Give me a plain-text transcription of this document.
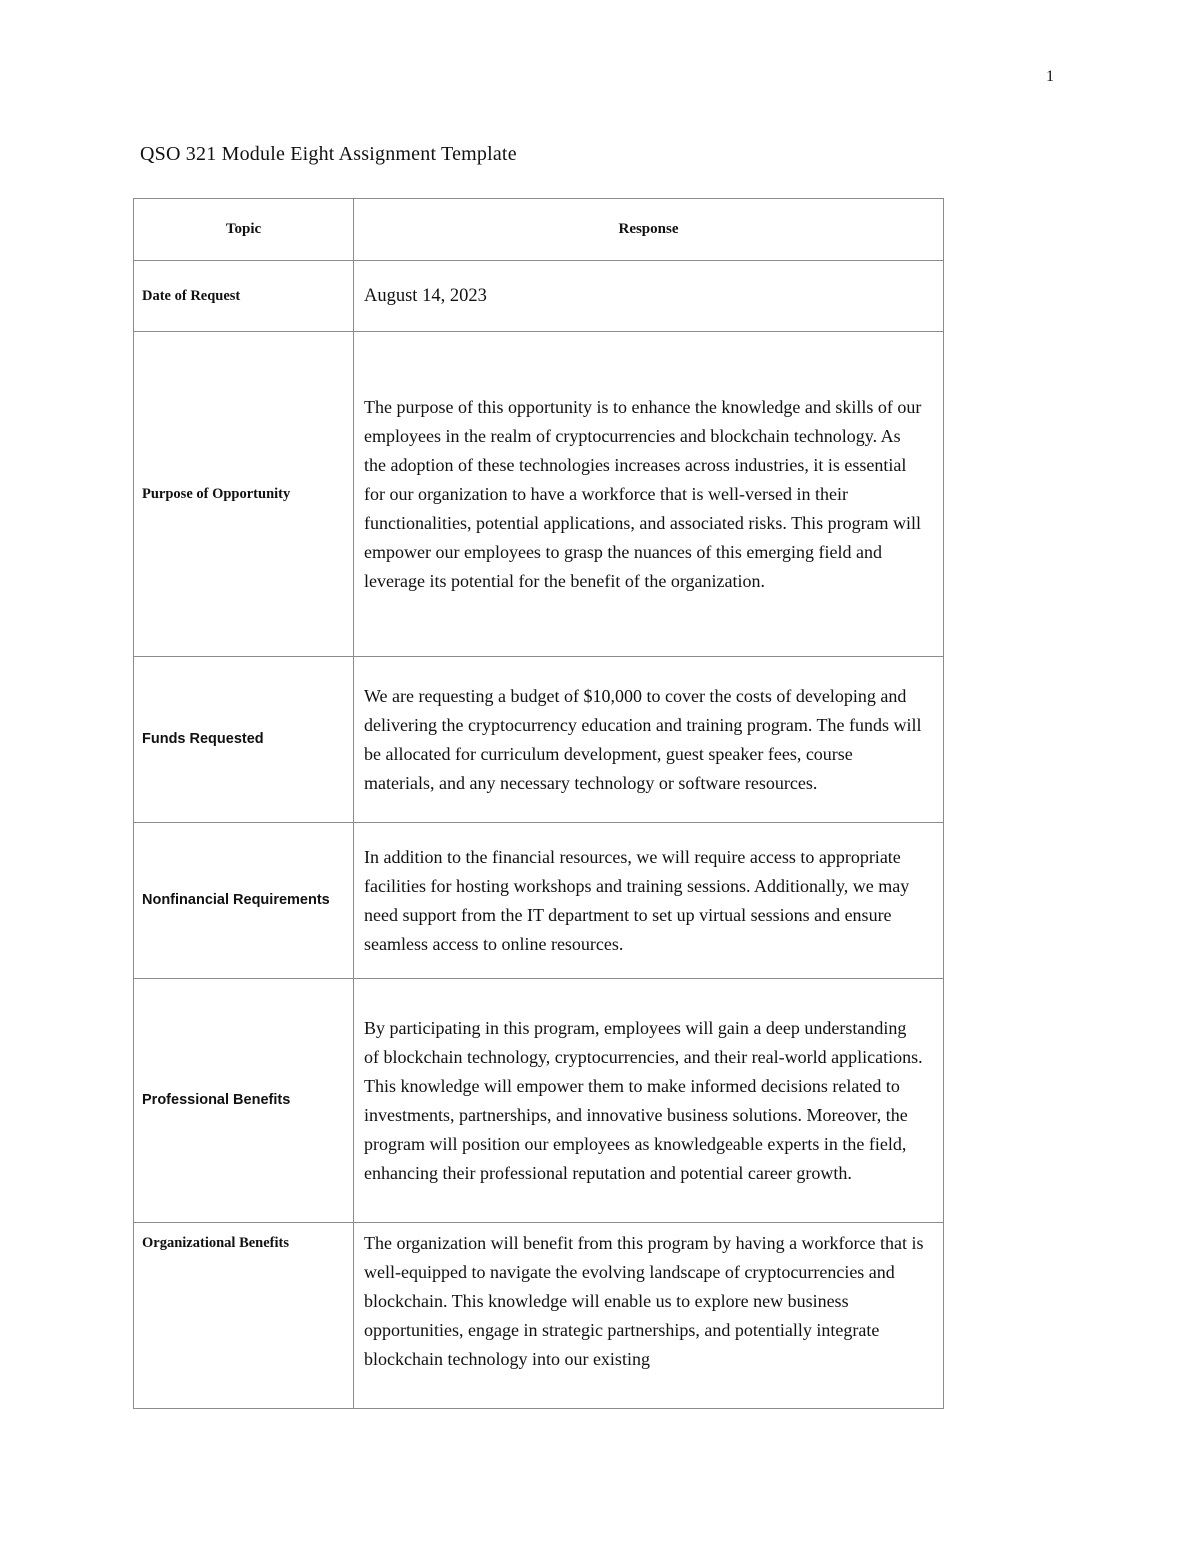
1
QSO 321 Module Eight Assignment Template
Topic	Response
Date of Request	August 14, 2023
Purpose of Opportunity	The purpose of this opportunity is to enhance the knowledge and skills of our employees in the realm of cryptocurrencies and blockchain technology. As the adoption of these technologies increases across industries, it is essential for our organization to have a workforce that is well-versed in their functionalities, potential applications, and associated risks. This program will empower our employees to grasp the nuances of this emerging field and leverage its potential for the benefit of the organization.
Funds Requested	We are requesting a budget of $10,000 to cover the costs of developing and delivering the cryptocurrency education and training program. The funds will be allocated for curriculum development, guest speaker fees, course materials, and any necessary technology or software resources.
Nonfinancial Requirements	In addition to the financial resources, we will require access to appropriate facilities for hosting workshops and training sessions. Additionally, we may need support from the IT department to set up virtual sessions and ensure seamless access to online resources.
Professional Benefits	By participating in this program, employees will gain a deep understanding of blockchain technology, cryptocurrencies, and their real-world applications. This knowledge will empower them to make informed decisions related to investments, partnerships, and innovative business solutions. Moreover, the program will position our employees as knowledgeable experts in the field, enhancing their professional reputation and potential career growth.
Organizational Benefits	The organization will benefit from this program by having a workforce that is well-equipped to navigate the evolving landscape of cryptocurrencies and blockchain. This knowledge will enable us to explore new business opportunities, engage in strategic partnerships, and potentially integrate blockchain technology into our existing
